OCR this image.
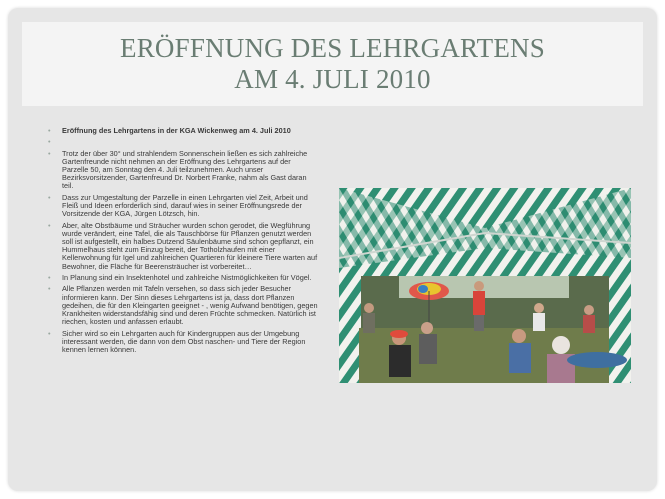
ERÖFFNUNG DES LEHRGARTENS
AM 4. JULI 2010
• Eröffnung des Lehrgartens in der KGA Wickenweg am 4. Juli 2010
•
• Trotz der über 30° und strahlendem Sonnenschein ließen es sich zahlreiche Gartenfreunde nicht nehmen an der Eröffnung des Lehrgartens auf der Parzelle 50, am Sonntag den 4. Juli teilzunehmen. Auch unser Bezirksvorsitzender, Gartenfreund Dr. Norbert Franke, nahm als Gast daran teil.
• Dass zur Umgestaltung der Parzelle in einen Lehrgarten viel Zeit, Arbeit und Fleiß und Ideen erforderlich sind, darauf wies in seiner Eröffnungsrede der Vorsitzende der KGA, Jürgen Lötzsch, hin.
• Aber, alte Obstbäume und Sträucher wurden schon gerodet, die Wegführung wurde verändert, eine Tafel, die als Tauschbörse für Pflanzen genutzt werden soll ist aufgestellt, ein halbes Dutzend Säulenbäume sind schon gepflanzt, ein Hummelhaus steht zum Einzug bereit, der Totholzhaufen mit einer Kellerwohnung für Igel und zahlreichen Quartieren für kleinere Tiere warten auf Bewohner, die Fläche für Beerensträucher ist vorbereitet…
• In Planung sind ein Insektenhotel und zahlreiche Nistmöglichkeiten für Vögel.
• Alle Pflanzen werden mit Tafeln versehen, so dass sich jeder Besucher informieren kann. Der Sinn dieses Lehrgartens ist ja, dass dort Pflanzen gedeihen, die für den Kleingarten geeignet - , wenig Aufwand benötigen, gegen Krankheiten widerstandsfähig sind und deren Früchte schmecken. Natürlich ist riechen, kosten und anfassen erlaubt.
• Sicher wird so ein Lehrgarten auch für Kindergruppen aus der Umgebung interessant werden, die dann von dem Obst naschen- und Tiere der Region kennen lernen können.
